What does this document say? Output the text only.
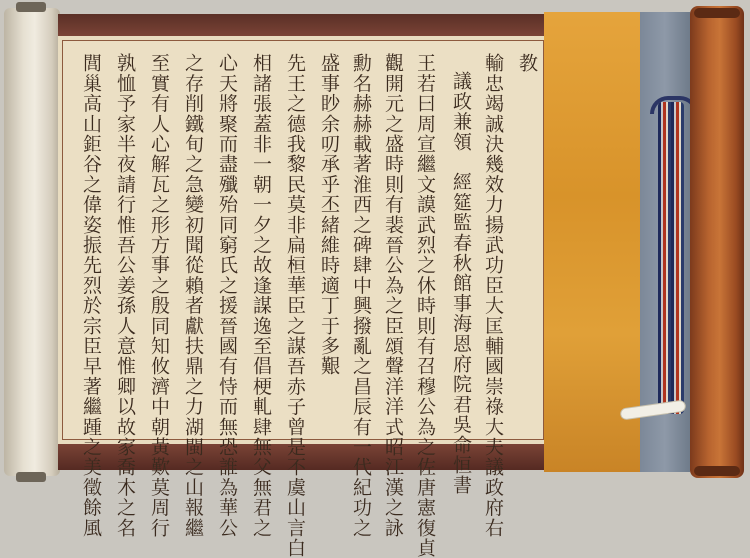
教

輸忠竭誠決幾效力揚武功臣大匡輔國崇祿大夫議政府右

議政兼領　經筵監春秋館事海恩府院君吳命恒書

王若曰周宣繼文謨武烈之休時則有召穆公為之佐唐憲復貞

觀開元之盛時則有裴晉公為之臣頌聲洋洋式昭江漢之詠

勳名赫赫載著淮西之碑肆中興撥亂之昌辰有一代紀功之

盛事眇余叨承乎丕緒維時適丁于多艱

先王之德我黎民莫非扁桓華臣之謀吾赤子曾是不虞山言白

相諸張蓋非一朝一夕之故逢謀逸至倡梗軋肆無父無君之

心天將聚而盡殲殆同窮氏之援晉國有恃而無恐誰為華公

之存削鐵旬之急變初聞從賴者獻扶鼎之力湖閩之山報繼

至實有人心解瓦之形方事之殷同知攸濟中朝黃歎莫周行

孰恤予家半夜請行惟吾公姜孫人意惟卿以故家喬木之名

閭巢高山鉅谷之偉姿振先烈於宗臣早著繼踵之美徵餘風
